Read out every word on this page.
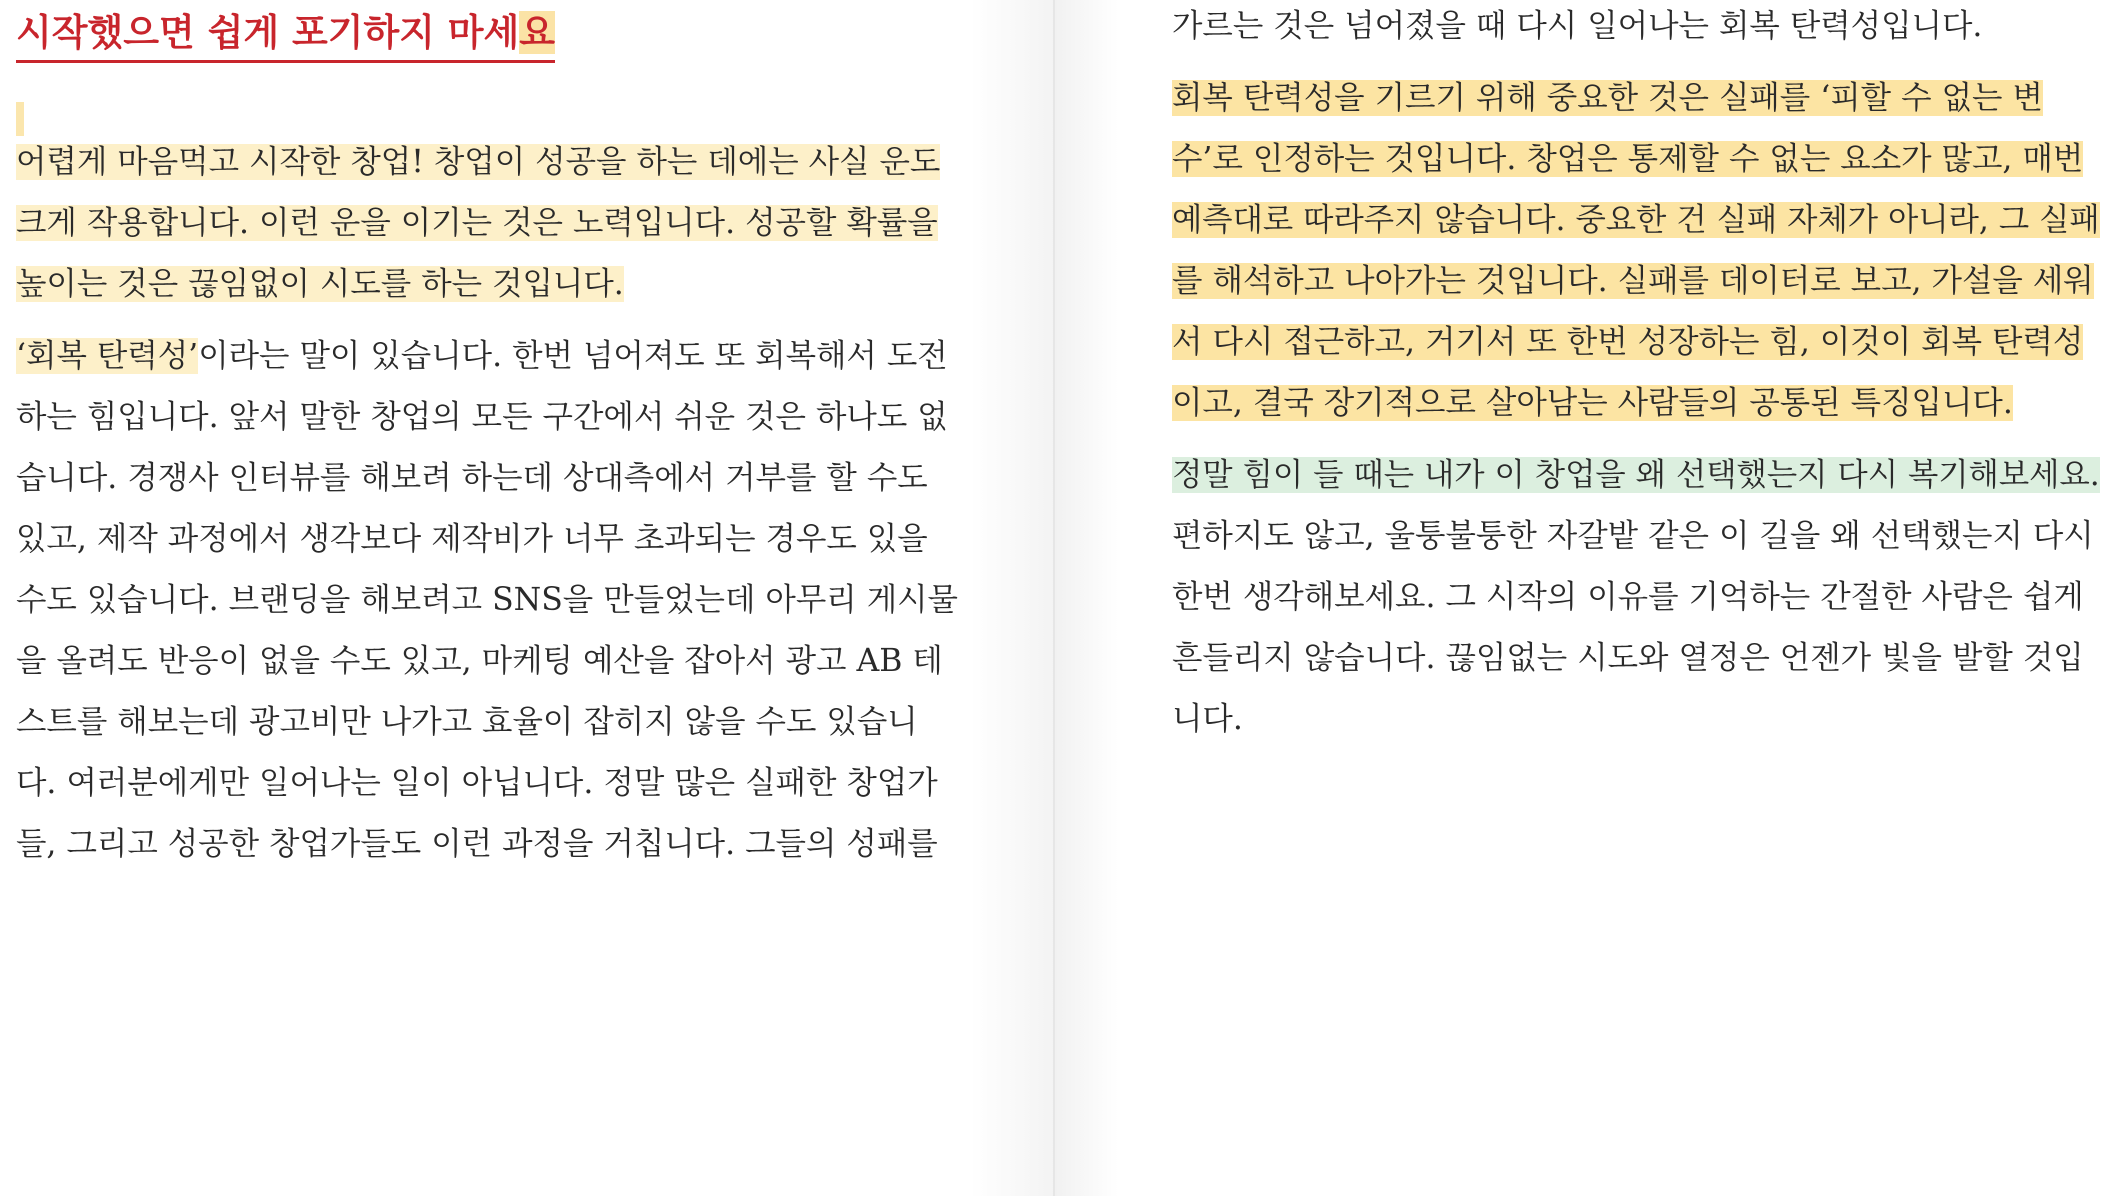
시작했으면 쉽게 포기하지 마세요
어렵게 마음먹고 시작한 창업! 창업이 성공을 하는 데에는 사실 운도
크게 작용합니다. 이런 운을 이기는 것은 노력입니다. 성공할 확률을
높이는 것은 끊임없이 시도를 하는 것입니다.
‘회복 탄력성’이라는 말이 있습니다. 한번 넘어져도 또 회복해서 도전
하는 힘입니다. 앞서 말한 창업의 모든 구간에서 쉬운 것은 하나도 없
습니다. 경쟁사 인터뷰를 해보려 하는데 상대측에서 거부를 할 수도
있고, 제작 과정에서 생각보다 제작비가 너무 초과되는 경우도 있을
수도 있습니다. 브랜딩을 해보려고 SNS을 만들었는데 아무리 게시물
을 올려도 반응이 없을 수도 있고, 마케팅 예산을 잡아서 광고 AB 테
스트를 해보는데 광고비만 나가고 효율이 잡히지 않을 수도 있습니
다. 여러분에게만 일어나는 일이 아닙니다. 정말 많은 실패한 창업가
들, 그리고 성공한 창업가들도 이런 과정을 거칩니다. 그들의 성패를
가르는 것은 넘어졌을 때 다시 일어나는 회복 탄력성입니다.
회복 탄력성을 기르기 위해 중요한 것은 실패를 ‘피할 수 없는 변
수’로 인정하는 것입니다. 창업은 통제할 수 없는 요소가 많고, 매번
예측대로 따라주지 않습니다. 중요한 건 실패 자체가 아니라, 그 실패
를 해석하고 나아가는 것입니다. 실패를 데이터로 보고, 가설을 세워
서 다시 접근하고, 거기서 또 한번 성장하는 힘, 이것이 회복 탄력성
이고, 결국 장기적으로 살아남는 사람들의 공통된 특징입니다.
정말 힘이 들 때는 내가 이 창업을 왜 선택했는지 다시 복기해보세요.
편하지도 않고, 울퉁불퉁한 자갈밭 같은 이 길을 왜 선택했는지 다시
한번 생각해보세요. 그 시작의 이유를 기억하는 간절한 사람은 쉽게
흔들리지 않습니다. 끊임없는 시도와 열정은 언젠가 빛을 발할 것입
니다.
